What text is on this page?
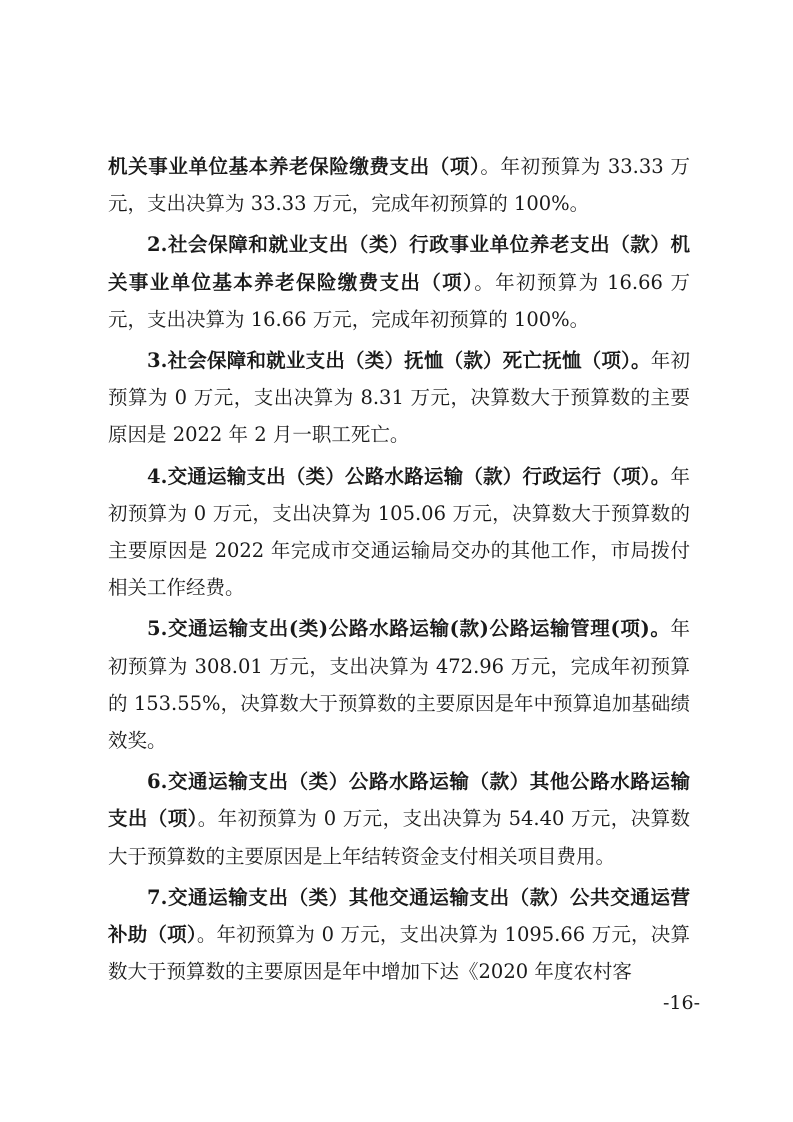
机关事业单位基本养老保险缴费支出（项）。年初预算为 33.33 万元，支出决算为 33.33 万元，完成年初预算的 100%。

2.社会保障和就业支出（类）行政事业单位养老支出（款）机关事业单位基本养老保险缴费支出（项）。年初预算为 16.66 万元，支出决算为 16.66 万元，完成年初预算的 100%。

3.社会保障和就业支出（类）抚恤（款）死亡抚恤（项）。年初预算为 0 万元，支出决算为 8.31 万元，决算数大于预算数的主要原因是 2022 年 2 月一职工死亡。

4.交通运输支出（类）公路水路运输（款）行政运行（项）。年初预算为 0 万元，支出决算为 105.06 万元，决算数大于预算数的主要原因是 2022 年完成市交通运输局交办的其他工作，市局拨付相关工作经费。

5.交通运输支出(类)公路水路运输(款)公路运输管理(项)。年初预算为 308.01 万元，支出决算为 472.96 万元，完成年初预算的 153.55%，决算数大于预算数的主要原因是年中预算追加基础绩效奖。

6.交通运输支出（类）公路水路运输（款）其他公路水路运输支出（项）。年初预算为 0 万元，支出决算为 54.40 万元，决算数大于预算数的主要原因是上年结转资金支付相关项目费用。

7.交通运输支出（类）其他交通运输支出（款）公共交通运营补助（项）。年初预算为 0 万元，支出决算为 1095.66 万元，决算数大于预算数的主要原因是年中增加下达《2020 年度农村客

-16-
